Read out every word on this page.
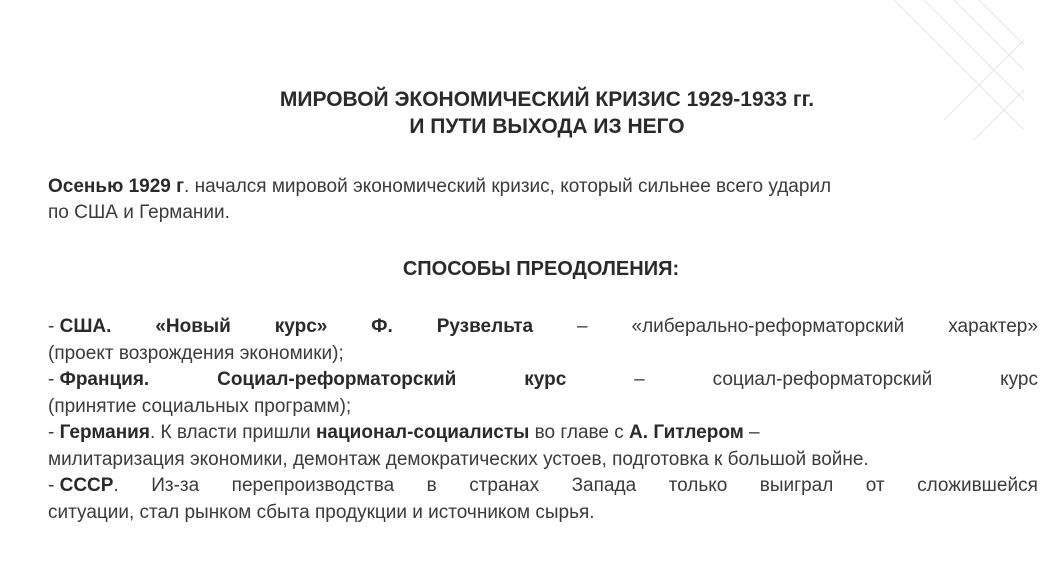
МИРОВОЙ ЭКОНОМИЧЕСКИЙ КРИЗИС 1929-1933 гг.
И ПУТИ ВЫХОДА ИЗ НЕГО
Осенью 1929 г. начался мировой экономический кризис, который сильнее всего ударил
по США и Германии.
СПОСОБЫ ПРЕОДОЛЕНИЯ:
- США. «Новый курс» Ф. Рузвельта – «либерально-реформаторский характер»
(проект возрождения экономики);
- Франция.	Социал-реформаторский	курс	–	социал-реформаторский	курс
(принятие социальных программ);
- Германия. К власти пришли национал-социалисты во главе с А. Гитлером –
милитаризация экономики, демонтаж демократических устоев, подготовка к большой войне.
- СССР. Из-за перепроизводства в странах Запада только выиграл от сложившейся
ситуации, стал рынком сбыта продукции и источником сырья.
